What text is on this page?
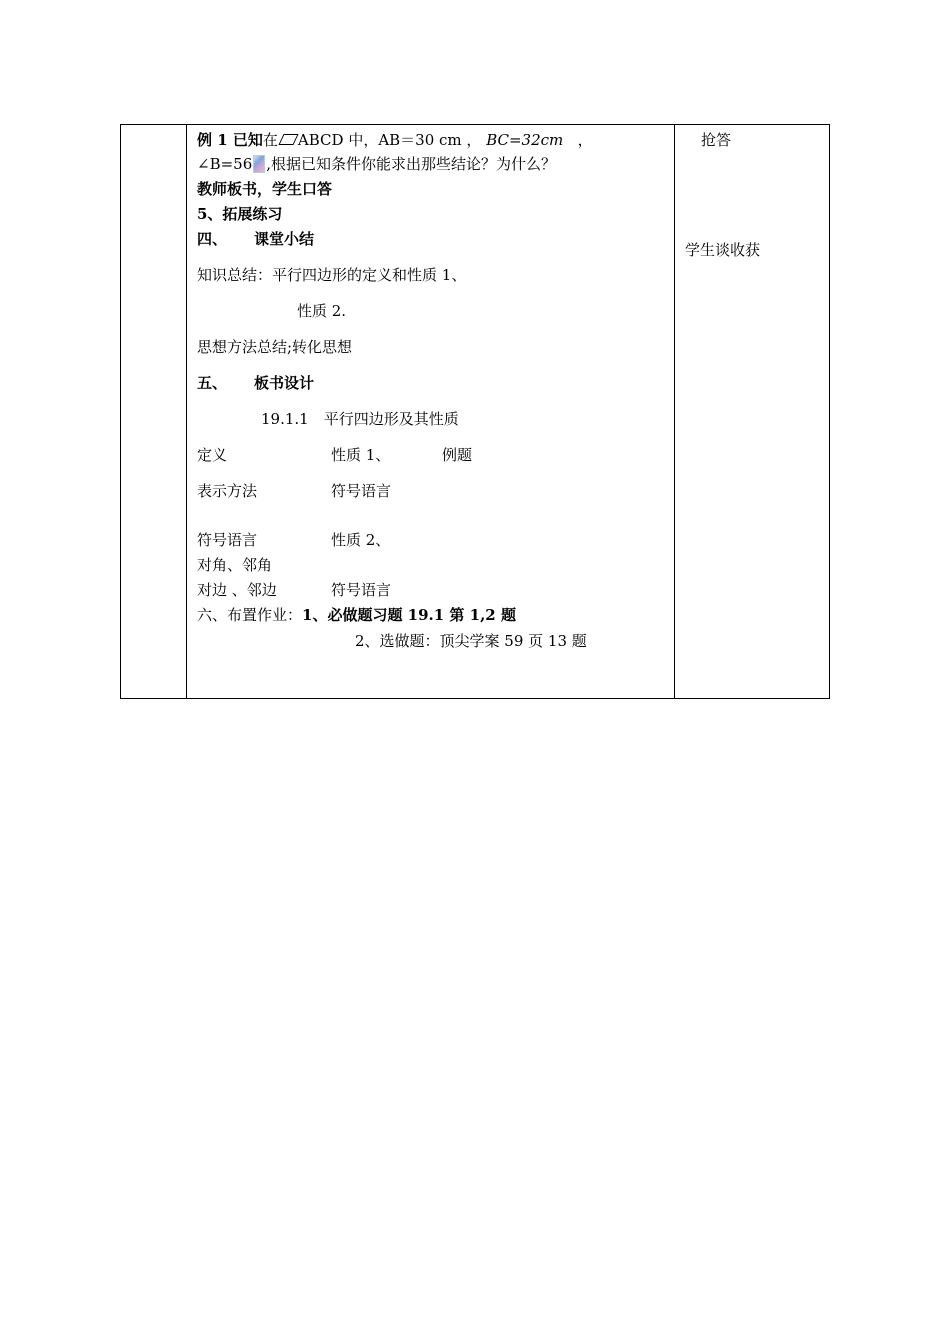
例 1 已知在 ABCD 中，AB＝30 cm ， BC=32cm ，
∠B=56 ,根据已知条件你能求出那些结论？为什么？
教师板书，学生口答
5、拓展练习
四、 课堂小结
知识总结：平行四边形的定义和性质 1、
性质 2.
思想方法总结;转化思想
五、 板书设计
19.1.1　平行四边形及其性质
定义	性质 1、	例题
表示方法	符号语言
符号语言	性质 2、
对角、邻角
对边 、邻边	符号语言
六、布置作业：1、必做题习题 19.1 第 1,2 题
2、选做题：顶尖学案 59 页 13 题
抢答
学生谈收获
